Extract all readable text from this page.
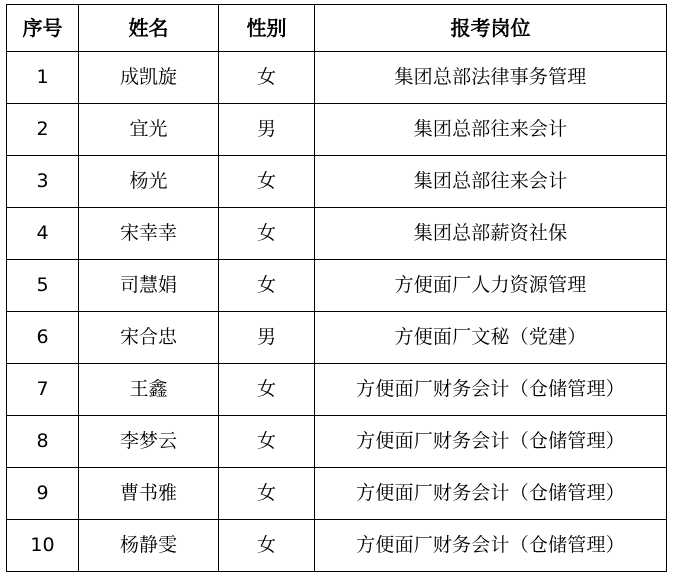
序号	姓名	性别	报考岗位
1	成凯旋	女	集团总部法律事务管理
2	宜光	男	集团总部往来会计
3	杨光	女	集团总部往来会计
4	宋幸幸	女	集团总部薪资社保
5	司慧娟	女	方便面厂人力资源管理
6	宋合忠	男	方便面厂文秘（党建）
7	王鑫	女	方便面厂财务会计（仓储管理）
8	李梦云	女	方便面厂财务会计（仓储管理）
9	曹书雅	女	方便面厂财务会计（仓储管理）
10	杨静雯	女	方便面厂财务会计（仓储管理）
